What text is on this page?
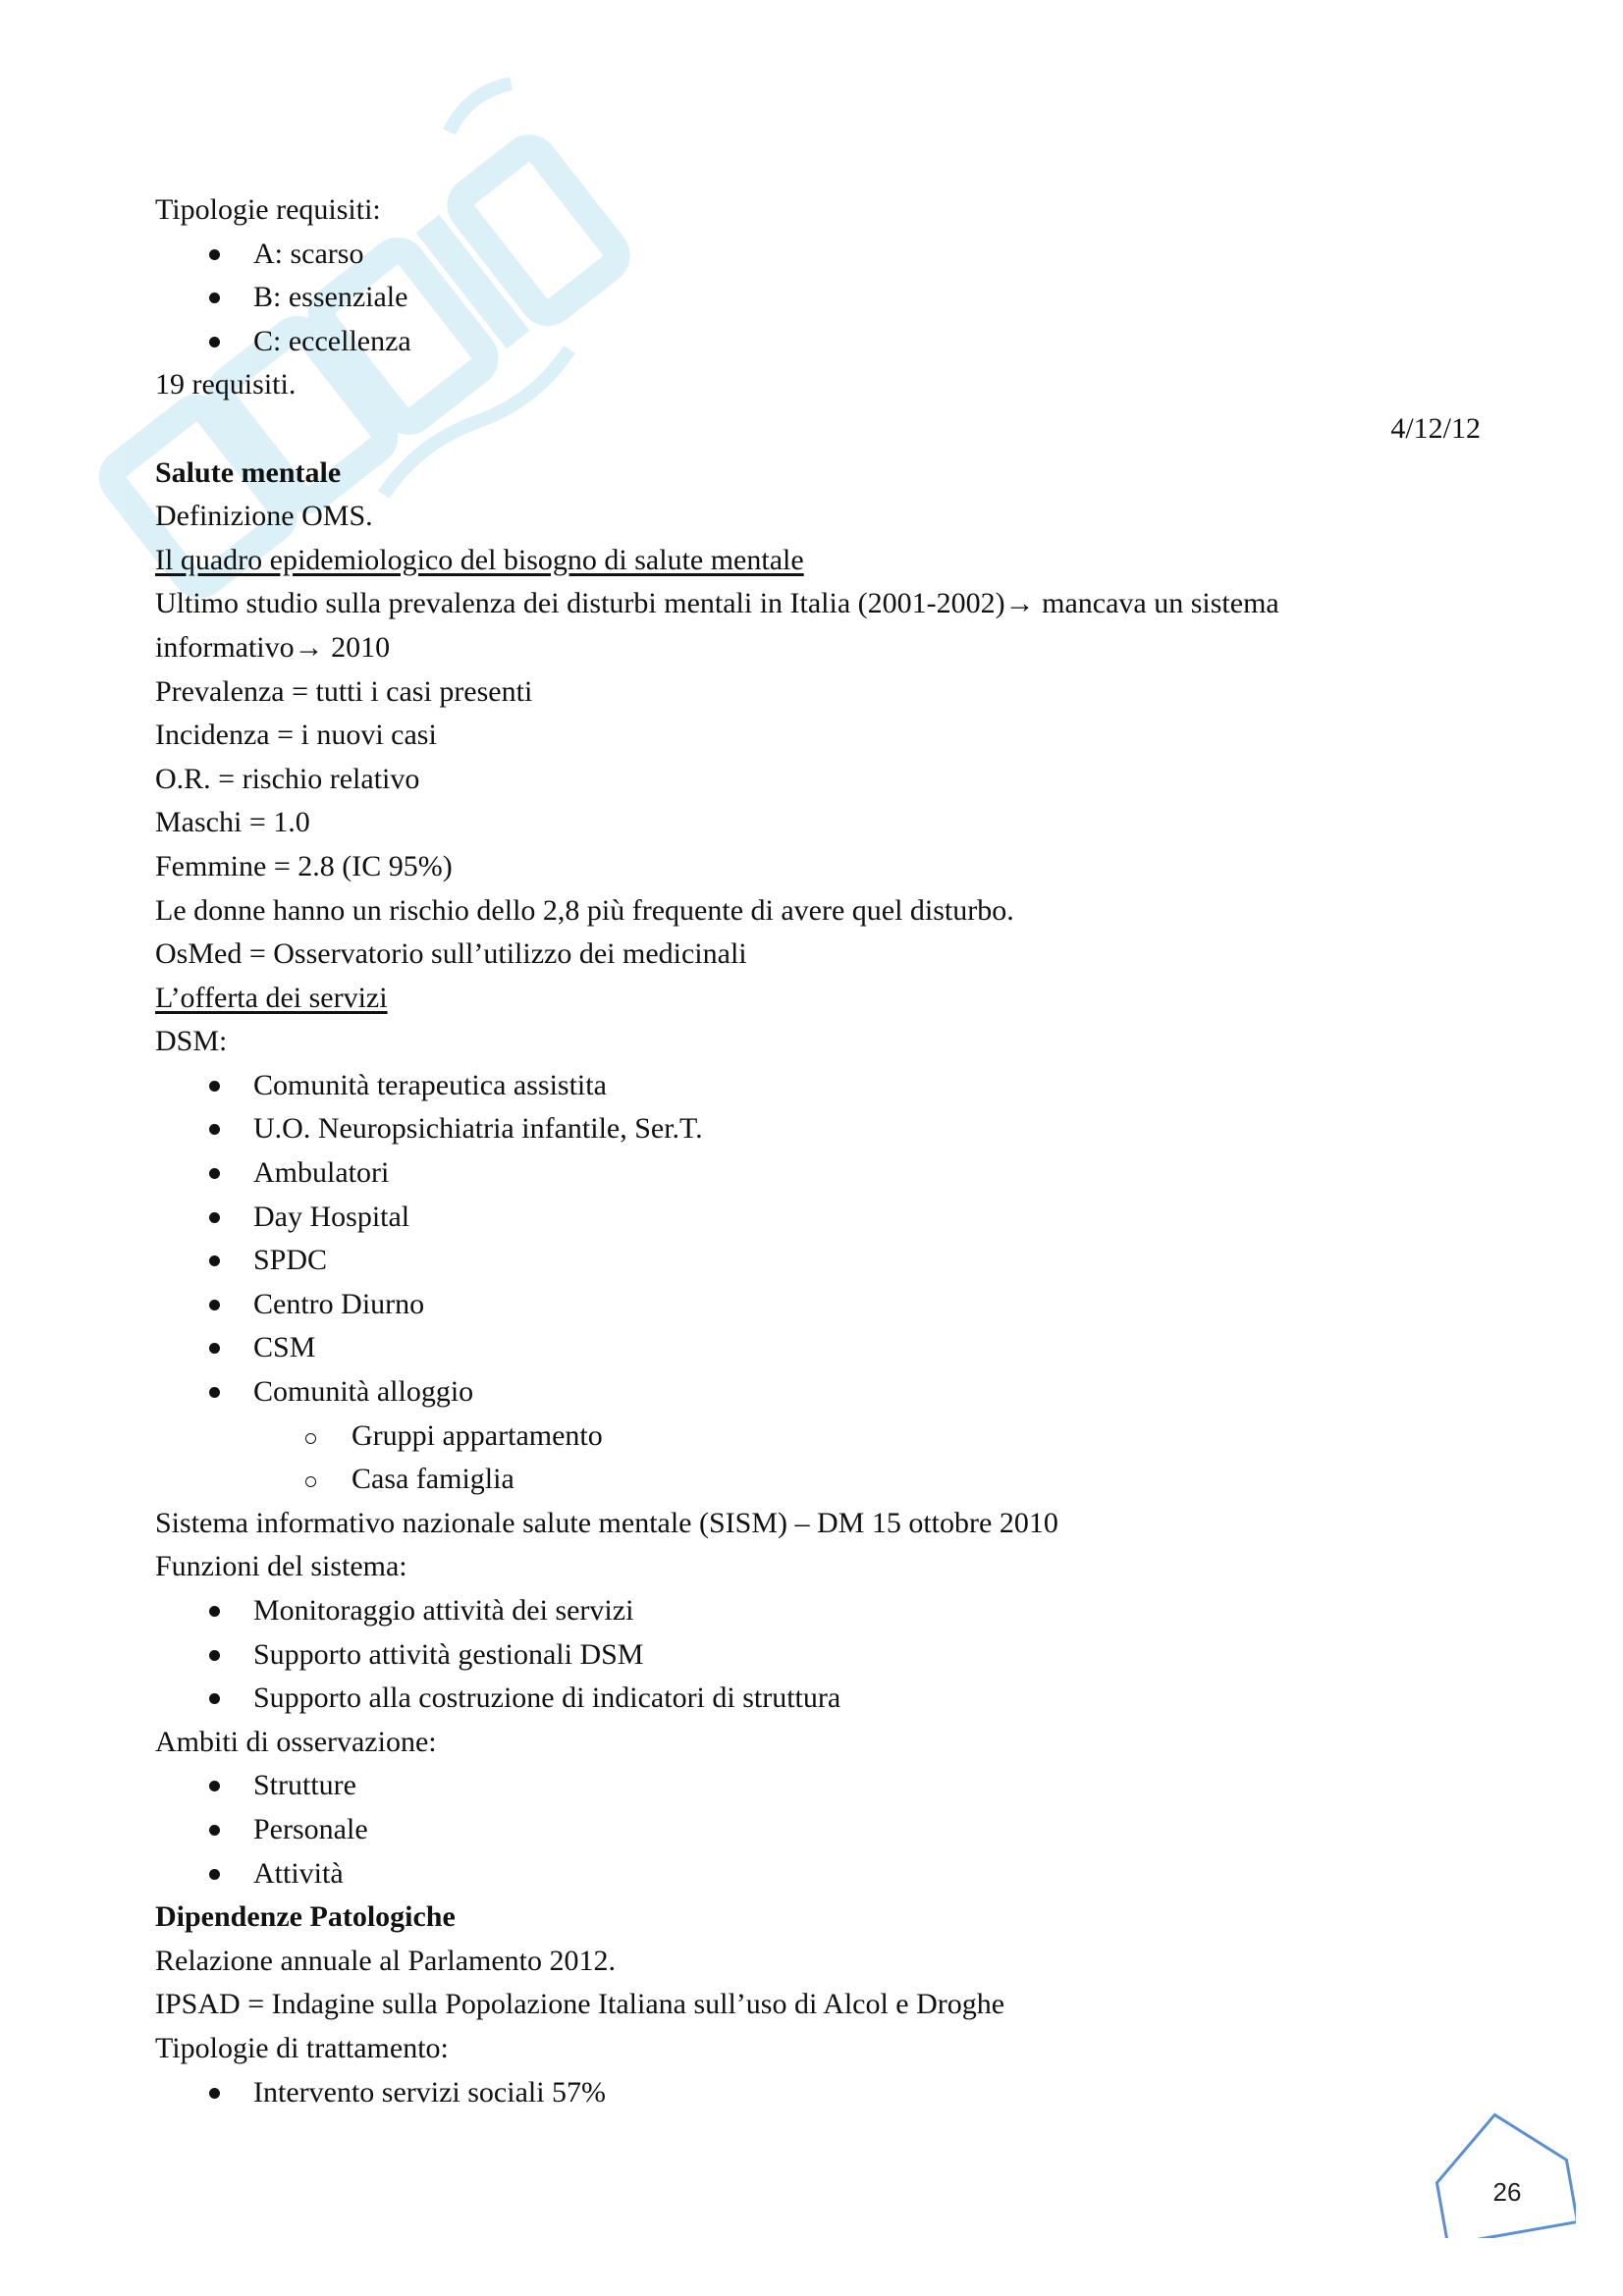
Tipologie requisiti:
A: scarso
B: essenziale
C: eccellenza
19 requisiti.
4/12/12

Salute mentale
Definizione OMS.
Il quadro epidemiologico del bisogno di salute mentale
Ultimo studio sulla prevalenza dei disturbi mentali in Italia (2001-2002)→ mancava un sistema
informativo→ 2010
Prevalenza = tutti i casi presenti
Incidenza = i nuovi casi
O.R. = rischio relativo
Maschi = 1.0
Femmine = 2.8 (IC 95%)
Le donne hanno un rischio dello 2,8 più frequente di avere quel disturbo.
OsMed = Osservatorio sull’utilizzo dei medicinali
L’offerta dei servizi
DSM:
Comunità terapeutica assistita
U.O. Neuropsichiatria infantile, Ser.T.
Ambulatori
Day Hospital
SPDC
Centro Diurno
CSM
Comunità alloggio
Gruppi appartamento
Casa famiglia
Sistema informativo nazionale salute mentale (SISM) – DM 15 ottobre 2010
Funzioni del sistema:
Monitoraggio attività dei servizi
Supporto attività gestionali DSM
Supporto alla costruzione di indicatori di struttura
Ambiti di osservazione:
Strutture
Personale
Attività
Dipendenze Patologiche
Relazione annuale al Parlamento 2012.
IPSAD = Indagine sulla Popolazione Italiana sull’uso di Alcol e Droghe
Tipologie di trattamento:
Intervento servizi sociali 57%
26
